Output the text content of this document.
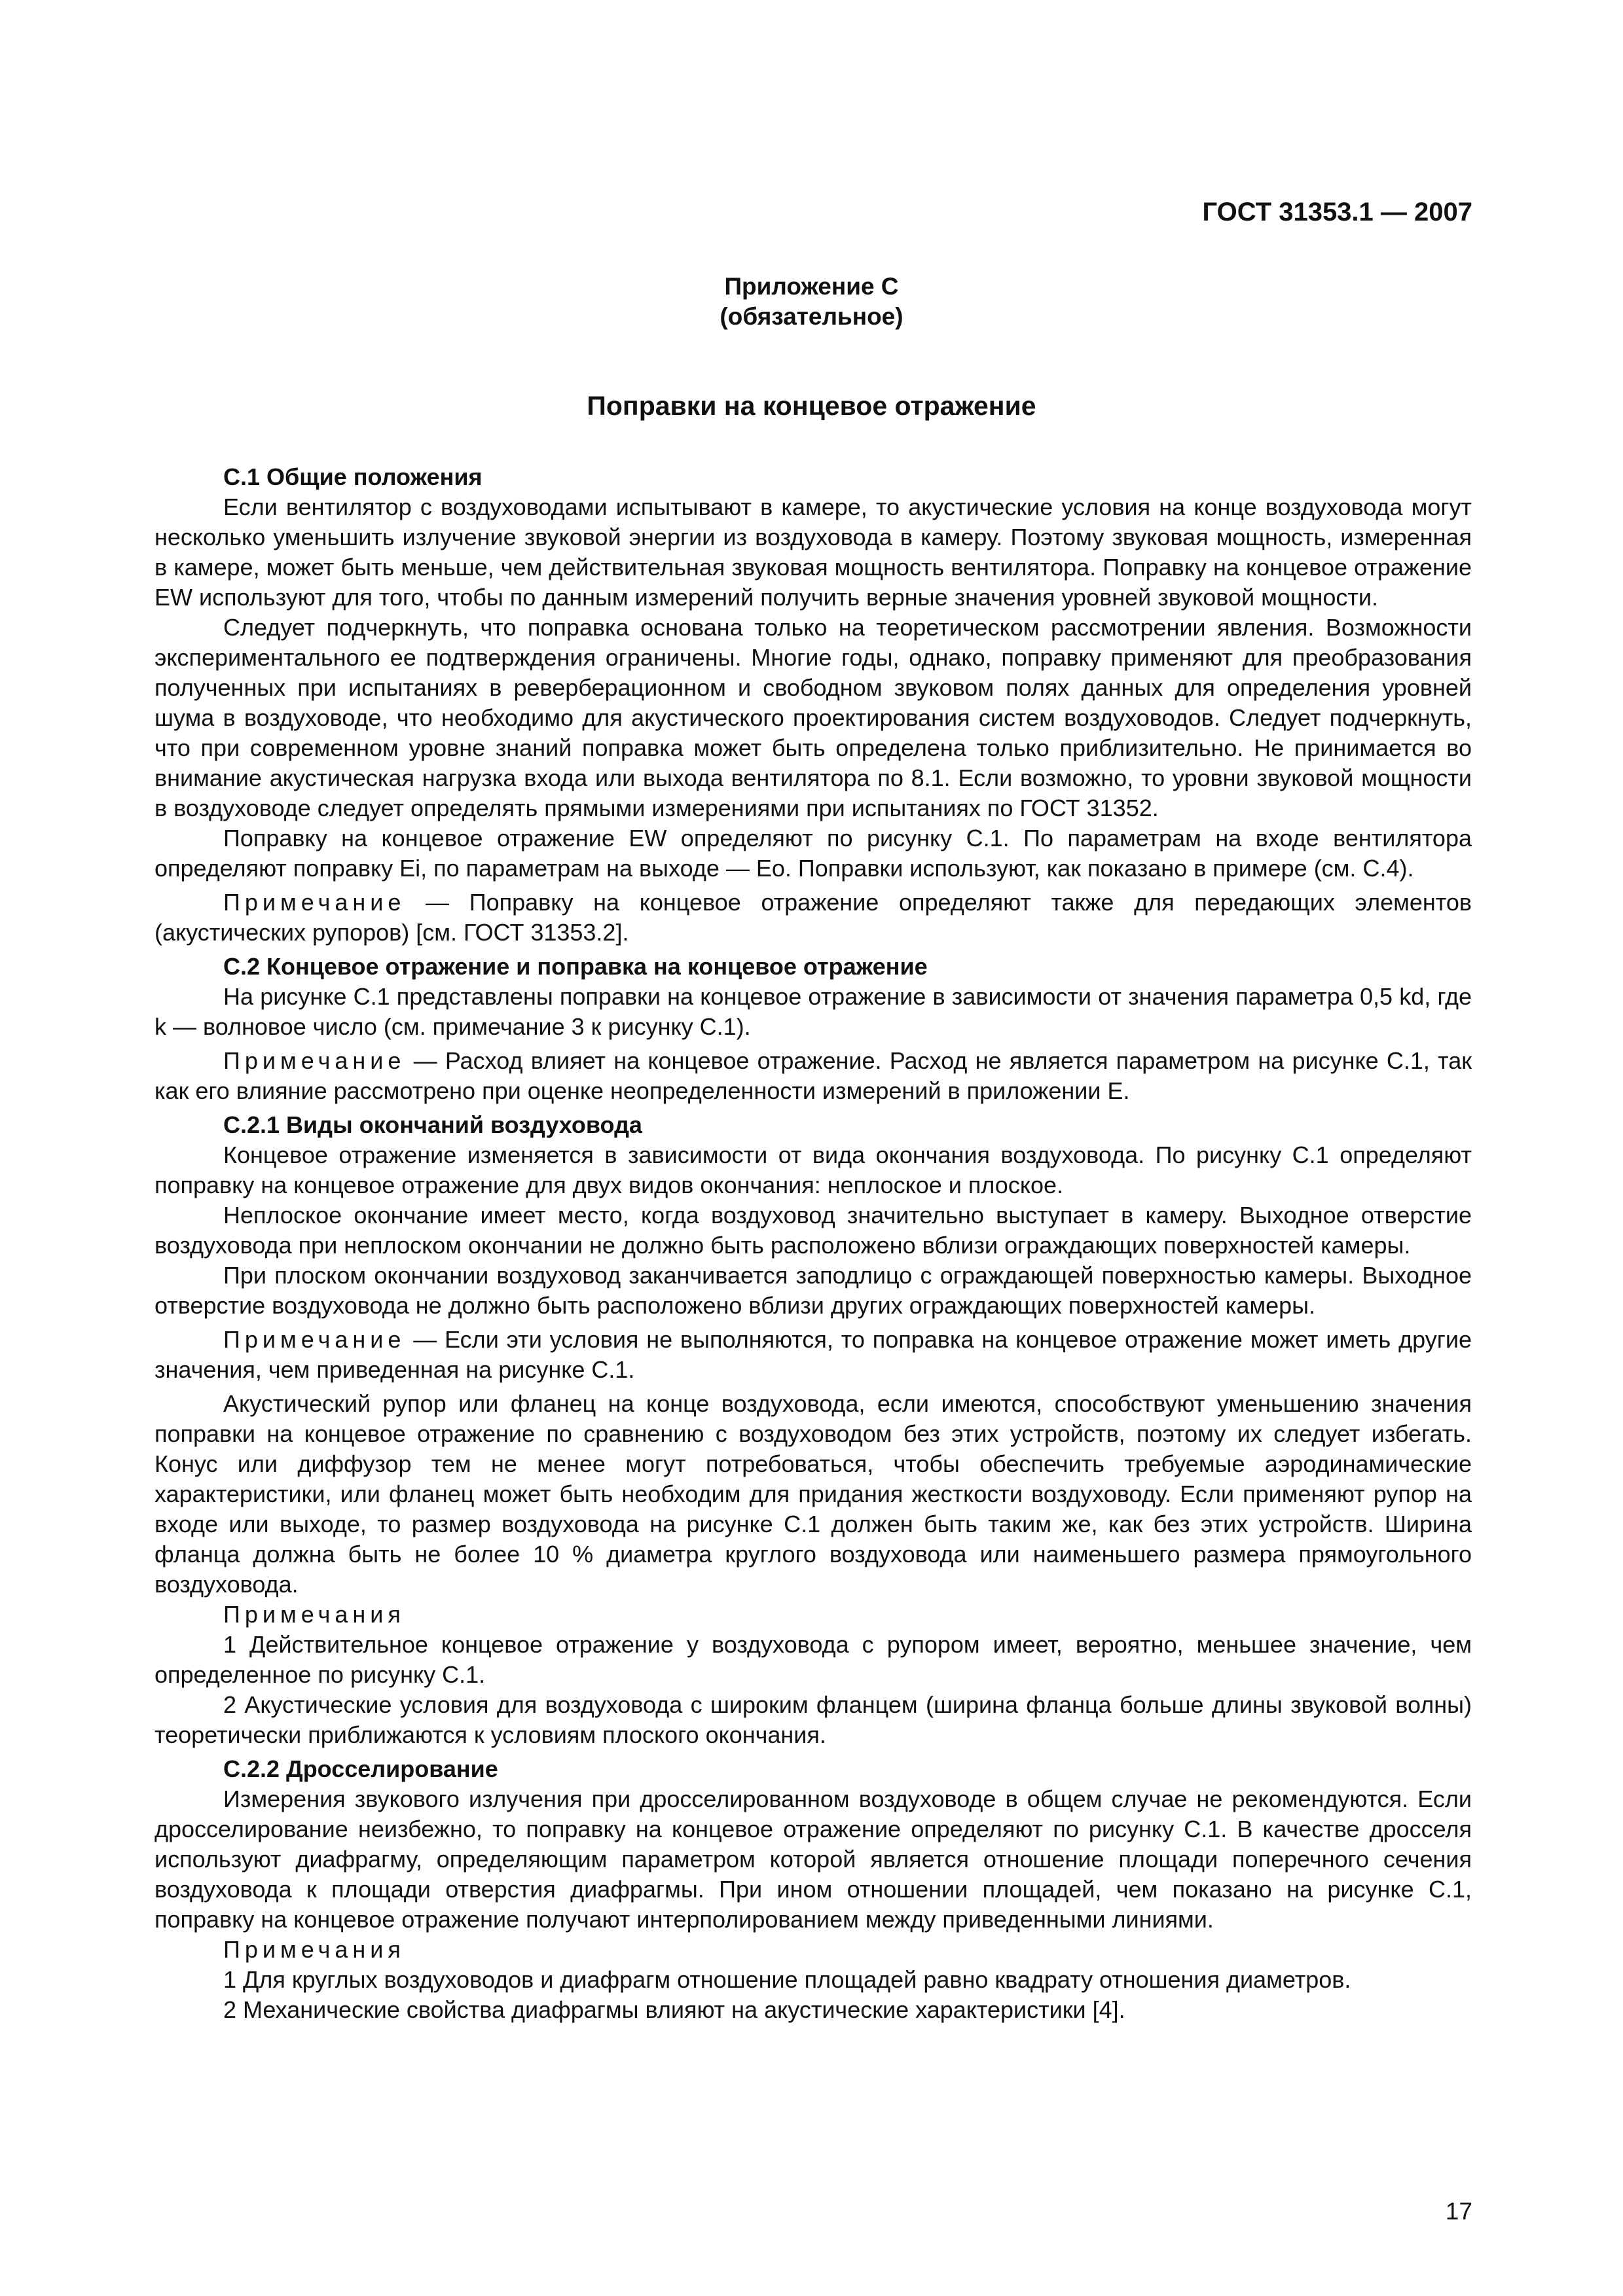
ГОСТ 31353.1 — 2007
Приложение С
(обязательное)
Поправки на концевое отражение
С.1 Общие положения

Если вентилятор с воздуховодами испытывают в камере, то акустические условия на конце воздуховода могут несколько уменьшить излучение звуковой энергии из воздуховода в камеру. Поэтому звуковая мощность, измеренная в камере, может быть меньше, чем действительная звуковая мощность вентилятора. Поправку на концевое отражение EW используют для того, чтобы по данным измерений получить верные значения уровней звуковой мощности.

Следует подчеркнуть, что поправка основана только на теоретическом рассмотрении явления. Возможности экспериментального ее подтверждения ограничены. Многие годы, однако, поправку применяют для преобразования полученных при испытаниях в реверберационном и свободном звуковом полях данных для определения уровней шума в воздуховоде, что необходимо для акустического проектирования систем воздуховодов. Следует подчеркнуть, что при современном уровне знаний поправка может быть определена только приблизительно. Не принимается во внимание акустическая нагрузка входа или выхода вентилятора по 8.1. Если возможно, то уровни звуковой мощности в воздуховоде следует определять прямыми измерениями при испытаниях по ГОСТ 31352.

Поправку на концевое отражение EW определяют по рисунку С.1. По параметрам на входе вентилятора определяют поправку Ei, по параметрам на выходе — Eo. Поправки используют, как показано в примере (см. С.4).

Примечание — Поправку на концевое отражение определяют также для передающих элементов (акустических рупоров) [см. ГОСТ 31353.2].

С.2 Концевое отражение и поправка на концевое отражение

На рисунке С.1 представлены поправки на концевое отражение в зависимости от значения параметра 0,5 kd, где k — волновое число (см. примечание 3 к рисунку С.1).

Примечание — Расход влияет на концевое отражение. Расход не является параметром на рисунке С.1, так как его влияние рассмотрено при оценке неопределенности измерений в приложении Е.

С.2.1 Виды окончаний воздуховода

Концевое отражение изменяется в зависимости от вида окончания воздуховода. По рисунку С.1 определяют поправку на концевое отражение для двух видов окончания: неплоское и плоское.

Неплоское окончание имеет место, когда воздуховод значительно выступает в камеру. Выходное отверстие воздуховода при неплоском окончании не должно быть расположено вблизи ограждающих поверхностей камеры.

При плоском окончании воздуховод заканчивается заподлицо с ограждающей поверхностью камеры. Выходное отверстие воздуховода не должно быть расположено вблизи других ограждающих поверхностей камеры.

Примечание — Если эти условия не выполняются, то поправка на концевое отражение может иметь другие значения, чем приведенная на рисунке С.1.

Акустический рупор или фланец на конце воздуховода, если имеются, способствуют уменьшению значения поправки на концевое отражение по сравнению с воздуховодом без этих устройств, поэтому их следует избегать. Конус или диффузор тем не менее могут потребоваться, чтобы обеспечить требуемые аэродинамические характеристики, или фланец может быть необходим для придания жесткости воздуховоду. Если применяют рупор на входе или выходе, то размер воздуховода на рисунке С.1 должен быть таким же, как без этих устройств. Ширина фланца должна быть не более 10 % диаметра круглого воздуховода или наименьшего размера прямоугольного воздуховода.

Примечания

1 Действительное концевое отражение у воздуховода с рупором имеет, вероятно, меньшее значение, чем определенное по рисунку С.1.

2 Акустические условия для воздуховода с широким фланцем (ширина фланца больше длины звуковой волны) теоретически приближаются к условиям плоского окончания.

С.2.2 Дросселирование

Измерения звукового излучения при дросселированном воздуховоде в общем случае не рекомендуются. Если дросселирование неизбежно, то поправку на концевое отражение определяют по рисунку С.1. В качестве дросселя используют диафрагму, определяющим параметром которой является отношение площади поперечного сечения воздуховода к площади отверстия диафрагмы. При ином отношении площадей, чем показано на рисунке С.1, поправку на концевое отражение получают интерполированием между приведенными линиями.

Примечания

1 Для круглых воздуховодов и диафрагм отношение площадей равно квадрату отношения диаметров.

2 Механические свойства диафрагмы влияют на акустические характеристики [4].

17
